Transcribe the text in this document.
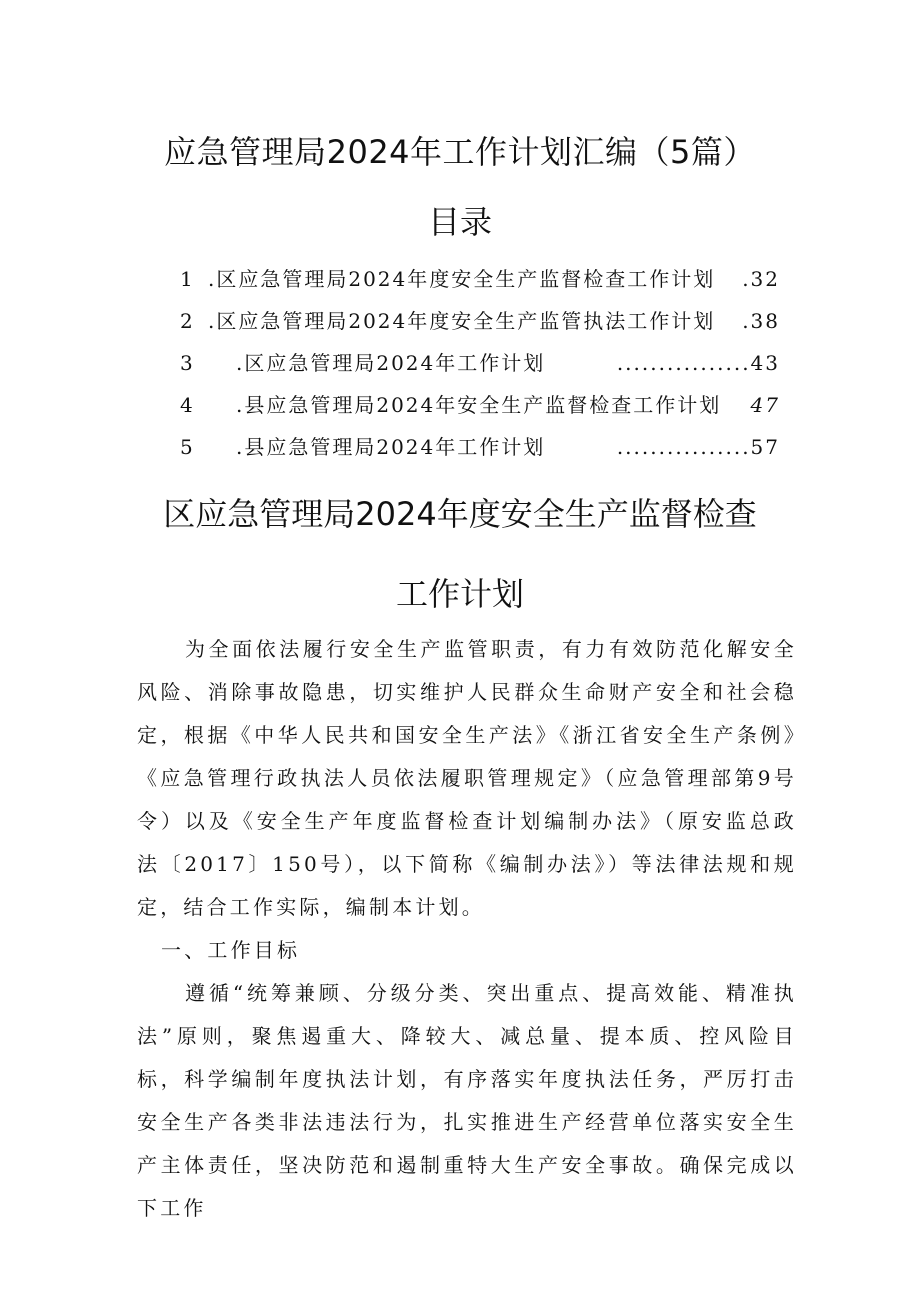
应急管理局2024年工作计划汇编（5篇）
目录
1 .区应急管理局2024年度安全生产监督检查工作计划 .32
2 .区应急管理局2024年度安全生产监管执法工作计划 .38
3 .区应急管理局2024年工作计划	................43
4 .县应急管理局2024年安全生产监督检查工作计划 47
5 .县应急管理局2024年工作计划	................57
区应急管理局2024年度安全生产监督检查
工作计划

为全面依法履行安全生产监管职责，有力有效防范化解安全风险、消除事故隐患，切实维护人民群众生命财产安全和社会稳定，根据《中华人民共和国安全生产法》《浙江省安全生产条例》《应急管理行政执法人员依法履职管理规定》（应急管理部第9号令）以及《安全生产年度监督检查计划编制办法》（原安监总政法〔2017〕150号），以下简称《编制办法》）等法律法规和规定，结合工作实际，编制本计划。

一、工作目标

遵循“统筹兼顾、分级分类、突出重点、提高效能、精准执法”原则，聚焦遏重大、降较大、减总量、提本质、控风险目标，科学编制年度执法计划，有序落实年度执法任务，严厉打击安全生产各类非法违法行为，扎实推进生产经营单位落实安全生产主体责任，坚决防范和遏制重特大生产安全事故。确保完成以下工作
